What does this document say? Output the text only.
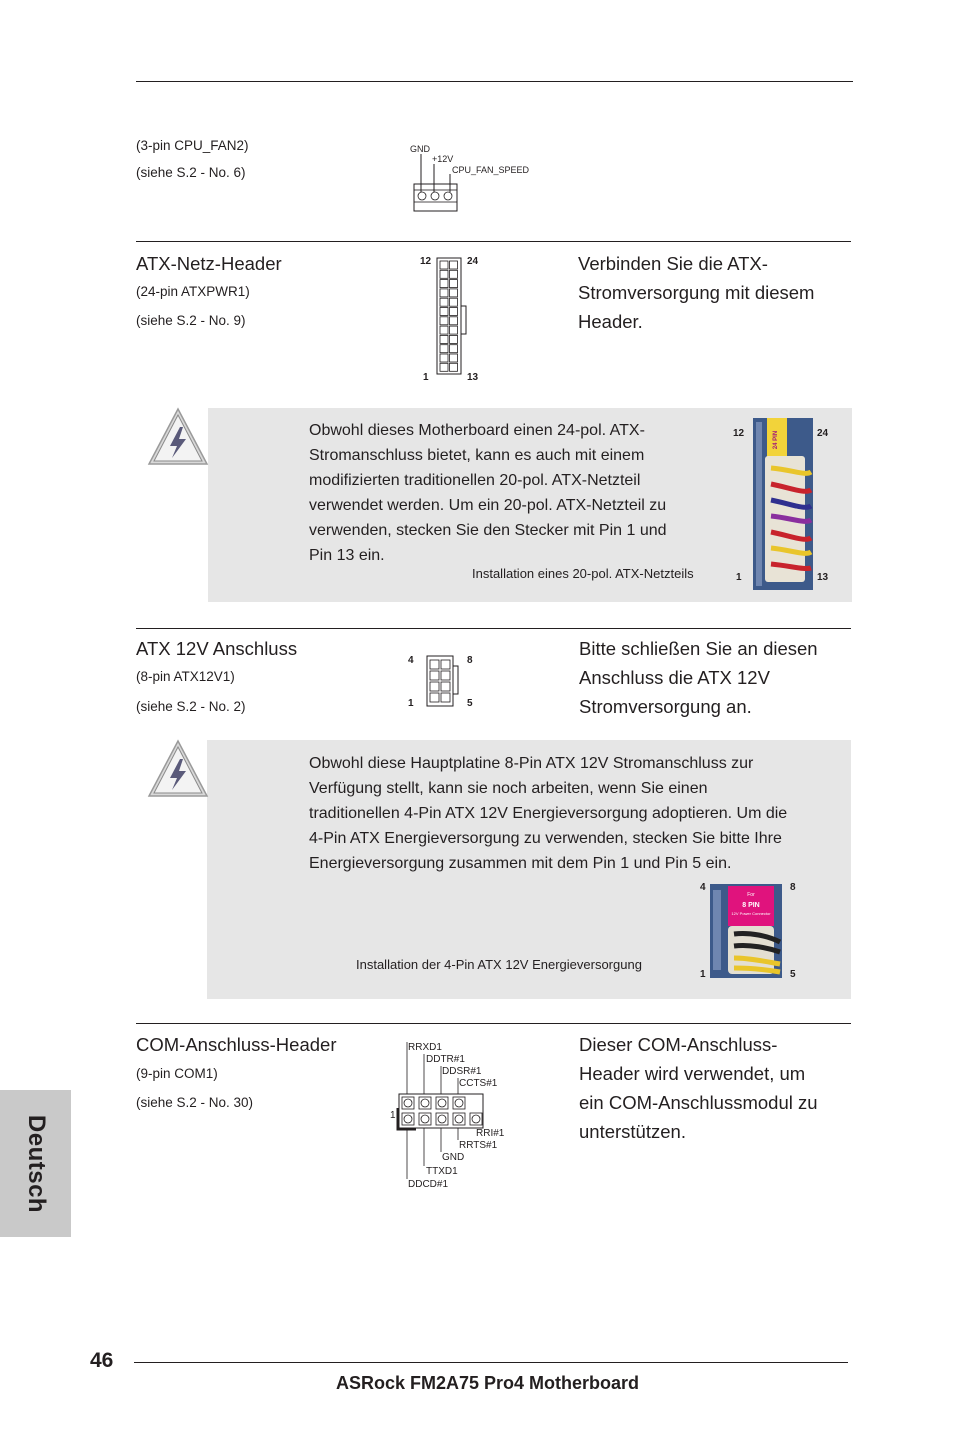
(3-pin CPU_FAN2)
(siehe S.2 - No. 6)
GND
+12V
CPU_FAN_SPEED
ATX-Netz-Header
(24-pin ATXPWR1)
(siehe S.2 - No. 9)
Verbinden Sie die ATX-
Stromversorgung mit diesem
Header.
12	24
1	13
Obwohl dieses Motherboard einen 24-pol. ATX-
Stromanschluss bietet, kann es auch mit einem
modifizierten traditionellen 20-pol. ATX-Netzteil
verwendet werden. Um ein 20-pol. ATX-Netzteil zu
verwenden, stecken Sie den Stecker mit Pin 1 und
Pin 13 ein.
Installation eines 20-pol. ATX-Netzteils
12	24
1	13
24 PIN
ATX 12V Anschluss
(8-pin ATX12V1)
(siehe S.2 - No. 2)
Bitte schließen Sie an diesen
Anschluss die ATX 12V
Stromversorgung an.
4	8
1	5
Obwohl diese Hauptplatine 8-Pin ATX 12V Stromanschluss zur
Verfügung stellt, kann sie noch arbeiten, wenn Sie einen
traditionellen 4-Pin ATX 12V Energieversorgung adoptieren. Um die
4-Pin ATX Energieversorgung zu verwenden, stecken Sie bitte Ihre
Energieversorgung zusammen mit dem Pin 1 und Pin 5 ein.
Installation der 4-Pin ATX 12V Energieversorgung
4	8
1	5
For
8 PIN
12V Power Connector
COM-Anschluss-Header
(9-pin COM1)
(siehe S.2 - No. 30)
Dieser COM-Anschluss-
Header wird verwendet, um
ein COM-Anschlussmodul zu
unterstützen.
RRXD1
DDTR#1
DDSR#1
CCTS#1
RRI#1
RRTS#1
GND
TTXD1
DDCD#1
1
Deutsch
46
ASRock FM2A75 Pro4 Motherboard
